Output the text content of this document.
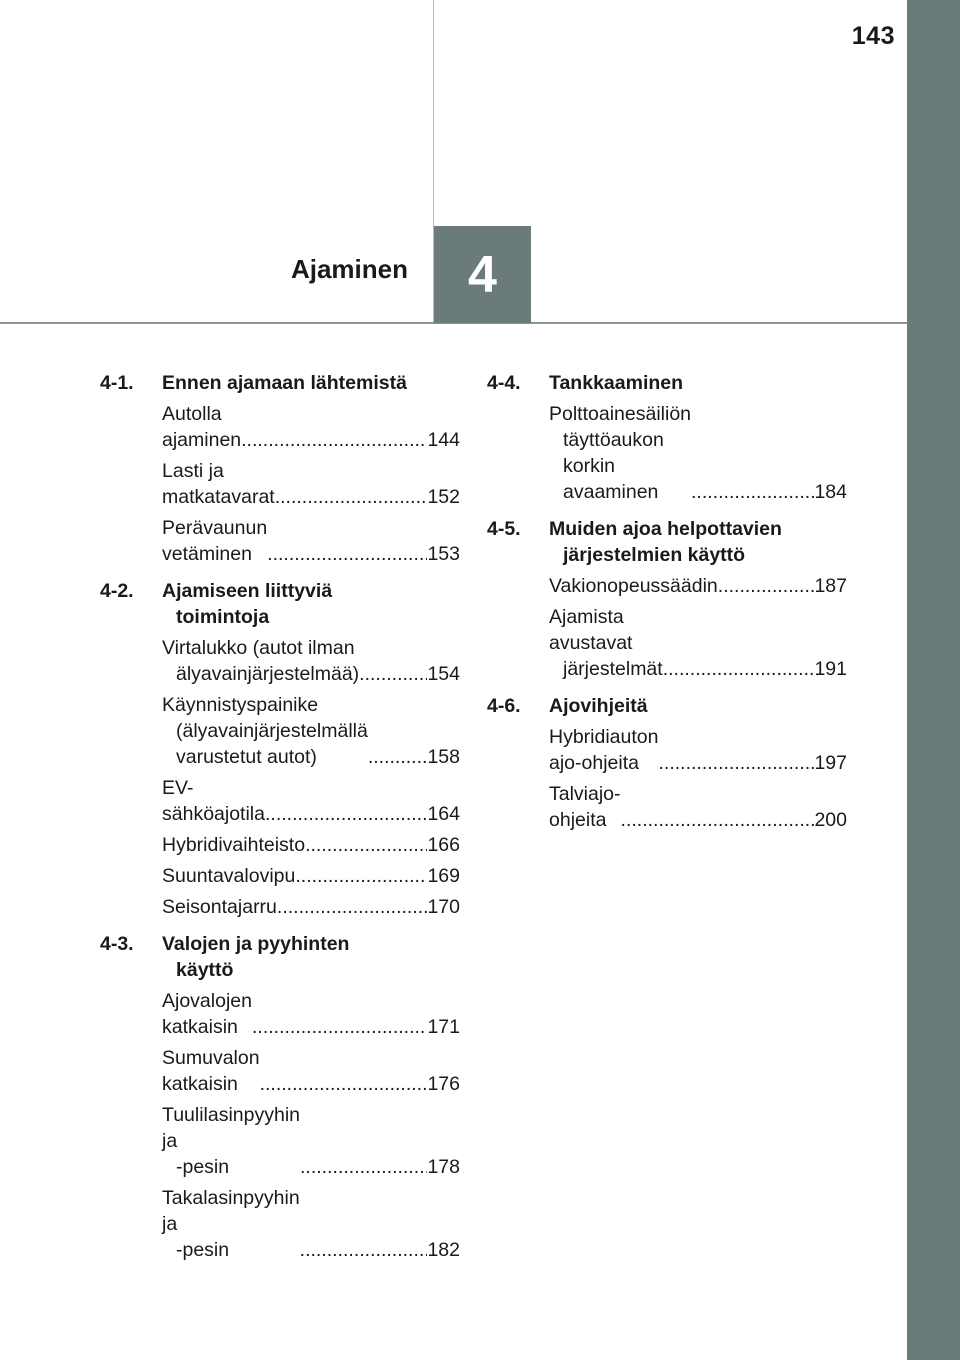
143
4
Ajaminen
4-1. Ennen ajamaan lähtemistä
Autolla ajaminen .....	144
Lasti ja matkatavarat .....	152
Perävaunun vetäminen .....	153
4-2. Ajamiseen liittyviä
toimintoja
Virtalukko (autot ilman
älyavainjärjestelmää) .....	154
Käynnistyspainike
(älyavainjärjestelmällä
varustetut autot) .....	158
EV-sähköajotila .....	164
Hybridivaihteisto .....	166
Suuntavalovipu .....	169
Seisontajarru .....	170
4-3. Valojen ja pyyhinten
käyttö
Ajovalojen katkaisin .....	171
Sumuvalon katkaisin .....	176
Tuulilasinpyyhin ja
-pesin .....	178
Takalasinpyyhin ja
-pesin .....	182
4-4. Tankkaaminen
Polttoainesäiliön
täyttöaukon korkin
avaaminen .....	184
4-5. Muiden ajoa helpottavien
järjestelmien käyttö
Vakionopeussäädin .....	187
Ajamista avustavat
järjestelmät .....	191
4-6. Ajovihjeitä
Hybridiauton ajo-ohjeita .....	197
Talviajo-ohjeita .....	200
